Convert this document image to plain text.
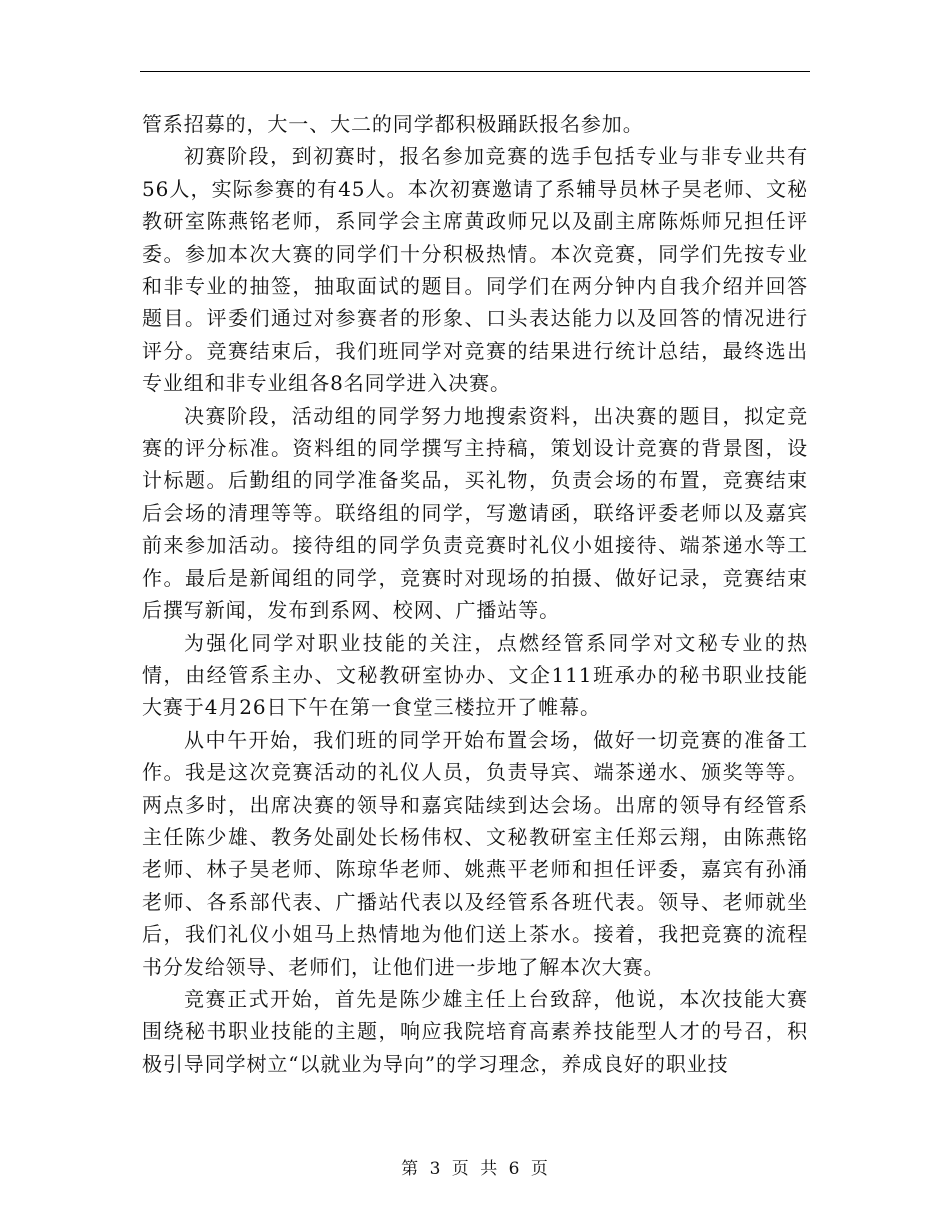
管系招募的，大一、大二的同学都积极踊跃报名参加。

初赛阶段，到初赛时，报名参加竞赛的选手包括专业与非专业共有56人，实际参赛的有45人。本次初赛邀请了系辅导员林子昊老师、文秘教研室陈燕铭老师，系同学会主席黄政师兄以及副主席陈烁师兄担任评委。参加本次大赛的同学们十分积极热情。本次竞赛，同学们先按专业和非专业的抽签，抽取面试的题目。同学们在两分钟内自我介绍并回答题目。评委们通过对参赛者的形象、口头表达能力以及回答的情况进行评分。竞赛结束后，我们班同学对竞赛的结果进行统计总结，最终选出专业组和非专业组各8名同学进入决赛。

决赛阶段，活动组的同学努力地搜索资料，出决赛的题目，拟定竞赛的评分标准。资料组的同学撰写主持稿，策划设计竞赛的背景图，设计标题。后勤组的同学准备奖品，买礼物，负责会场的布置，竞赛结束后会场的清理等等。联络组的同学，写邀请函，联络评委老师以及嘉宾前来参加活动。接待组的同学负责竞赛时礼仪小姐接待、端茶递水等工作。最后是新闻组的同学，竞赛时对现场的拍摄、做好记录，竞赛结束后撰写新闻，发布到系网、校网、广播站等。

为强化同学对职业技能的关注，点燃经管系同学对文秘专业的热情，由经管系主办、文秘教研室协办、文企111班承办的秘书职业技能大赛于4月26日下午在第一食堂三楼拉开了帷幕。

从中午开始，我们班的同学开始布置会场，做好一切竞赛的准备工作。我是这次竞赛活动的礼仪人员，负责导宾、端茶递水、颁奖等等。两点多时，出席决赛的领导和嘉宾陆续到达会场。出席的领导有经管系主任陈少雄、教务处副处长杨伟权、文秘教研室主任郑云翔，由陈燕铭老师、林子昊老师、陈琼华老师、姚燕平老师和担任评委，嘉宾有孙涌老师、各系部代表、广播站代表以及经管系各班代表。领导、老师就坐后，我们礼仪小姐马上热情地为他们送上茶水。接着，我把竞赛的流程书分发给领导、老师们，让他们进一步地了解本次大赛。

竞赛正式开始，首先是陈少雄主任上台致辞，他说，本次技能大赛围绕秘书职业技能的主题，响应我院培育高素养技能型人才的号召，积极引导同学树立“以就业为导向”的学习理念，养成良好的职业技

第 3 页 共 6 页
